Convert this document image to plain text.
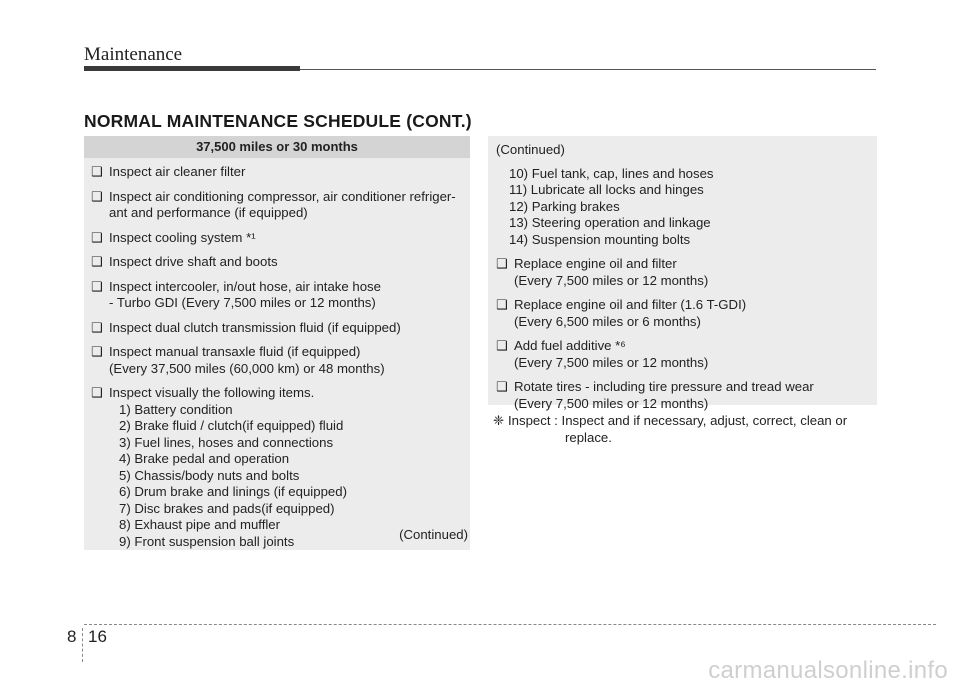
Maintenance
NORMAL MAINTENANCE SCHEDULE (CONT.)
37,500 miles or 30 months
❑ Inspect air cleaner filter
❑ Inspect air conditioning compressor, air conditioner refriger-
ant and performance (if equipped)
❑ Inspect cooling system *¹
❑ Inspect drive shaft and boots
❑ Inspect intercooler, in/out hose, air intake hose
- Turbo GDI (Every 7,500 miles or 12 months)
❑ Inspect dual clutch transmission fluid (if equipped)
❑ Inspect manual transaxle fluid (if equipped)
(Every 37,500 miles (60,000 km) or 48 months)
❑ Inspect visually the following items.
1) Battery condition
2) Brake fluid / clutch(if equipped) fluid
3) Fuel lines, hoses and connections
4) Brake pedal and operation
5) Chassis/body nuts and bolts
6) Drum brake and linings (if equipped)
7) Disc brakes and pads(if equipped)
8) Exhaust pipe and muffler
9) Front suspension ball joints	(Continued)
(Continued)
10) Fuel tank, cap, lines and hoses
11) Lubricate all locks and hinges
12) Parking brakes
13) Steering operation and linkage
14) Suspension mounting bolts
❑ Replace engine oil and filter
(Every 7,500 miles or 12 months)
❑ Replace engine oil and filter (1.6 T-GDI)
(Every 6,500 miles or 6 months)
❑ Add fuel additive *⁶
(Every 7,500 miles or 12 months)
❑ Rotate tires - including tire pressure and tread wear
(Every 7,500 miles or 12 months)
❈ Inspect : Inspect and if necessary, adjust, correct, clean or
replace.
8 16
carmanualsonline.info
